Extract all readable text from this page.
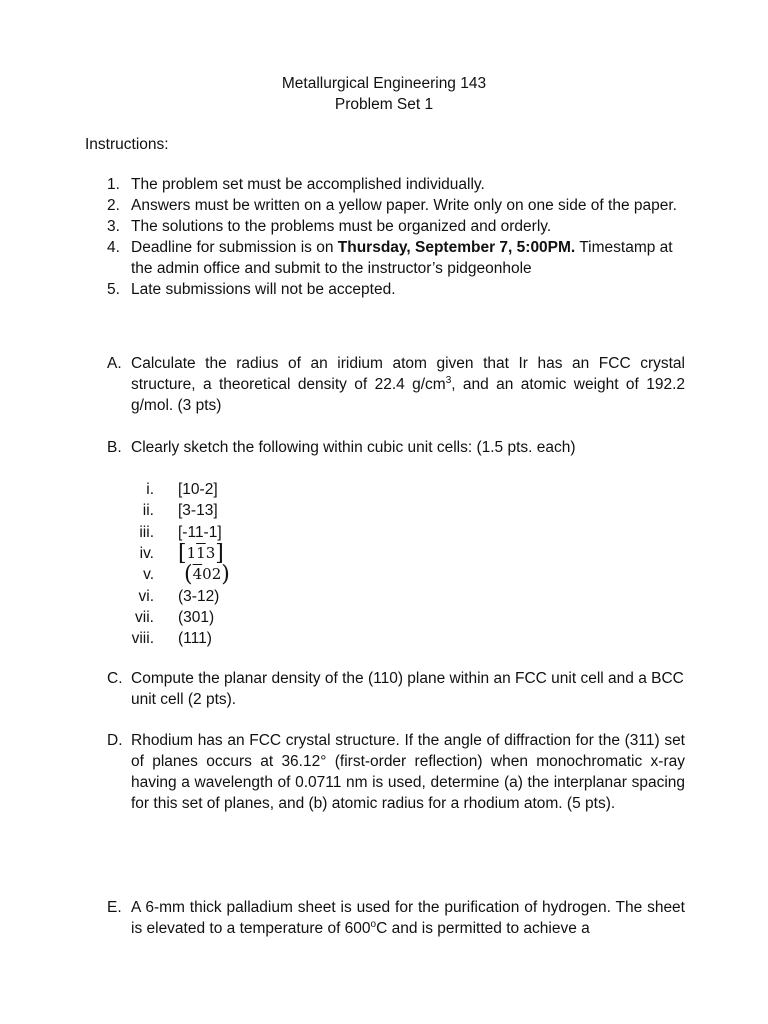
Metallurgical Engineering 143
Problem Set 1
Instructions:
1. The problem set must be accomplished individually.
2. Answers must be written on a yellow paper. Write only on one side of the paper.
3. The solutions to the problems must be organized and orderly.
4. Deadline for submission is on Thursday, September 7, 5:00PM. Timestamp at the admin office and submit to the instructor’s pidgeonhole
5. Late submissions will not be accepted.
A. Calculate the radius of an iridium atom given that Ir has an FCC crystal structure, a theoretical density of 22.4 $g/cm^3$, and an atomic weight of 192.2 g/mol. (3 pts)
B. Clearly sketch the following within cubic unit cells: (1.5 pts. each)
i.	[10-2]
ii.	[3-13]
iii.	[-11-1]
iv.	[113]
v.	(402)
vi.	(3-12)
vii.	(301)
viii.	(111)
C. Compute the planar density of the (110) plane within an FCC unit cell and a BCC unit cell (2 pts).
D. Rhodium has an FCC crystal structure. If the angle of diffraction for the (311) set of planes occurs at 36.12° (first-order reflection) when monochromatic x-ray having a wavelength of 0.0711 nm is used, determine (a) the interplanar spacing for this set of planes, and (b) atomic radius for a rhodium atom. (5 pts).
E. A 6-mm thick palladium sheet is used for the purification of hydrogen. The sheet is elevated to a temperature of 600$^o$C and is permitted to achieve a
